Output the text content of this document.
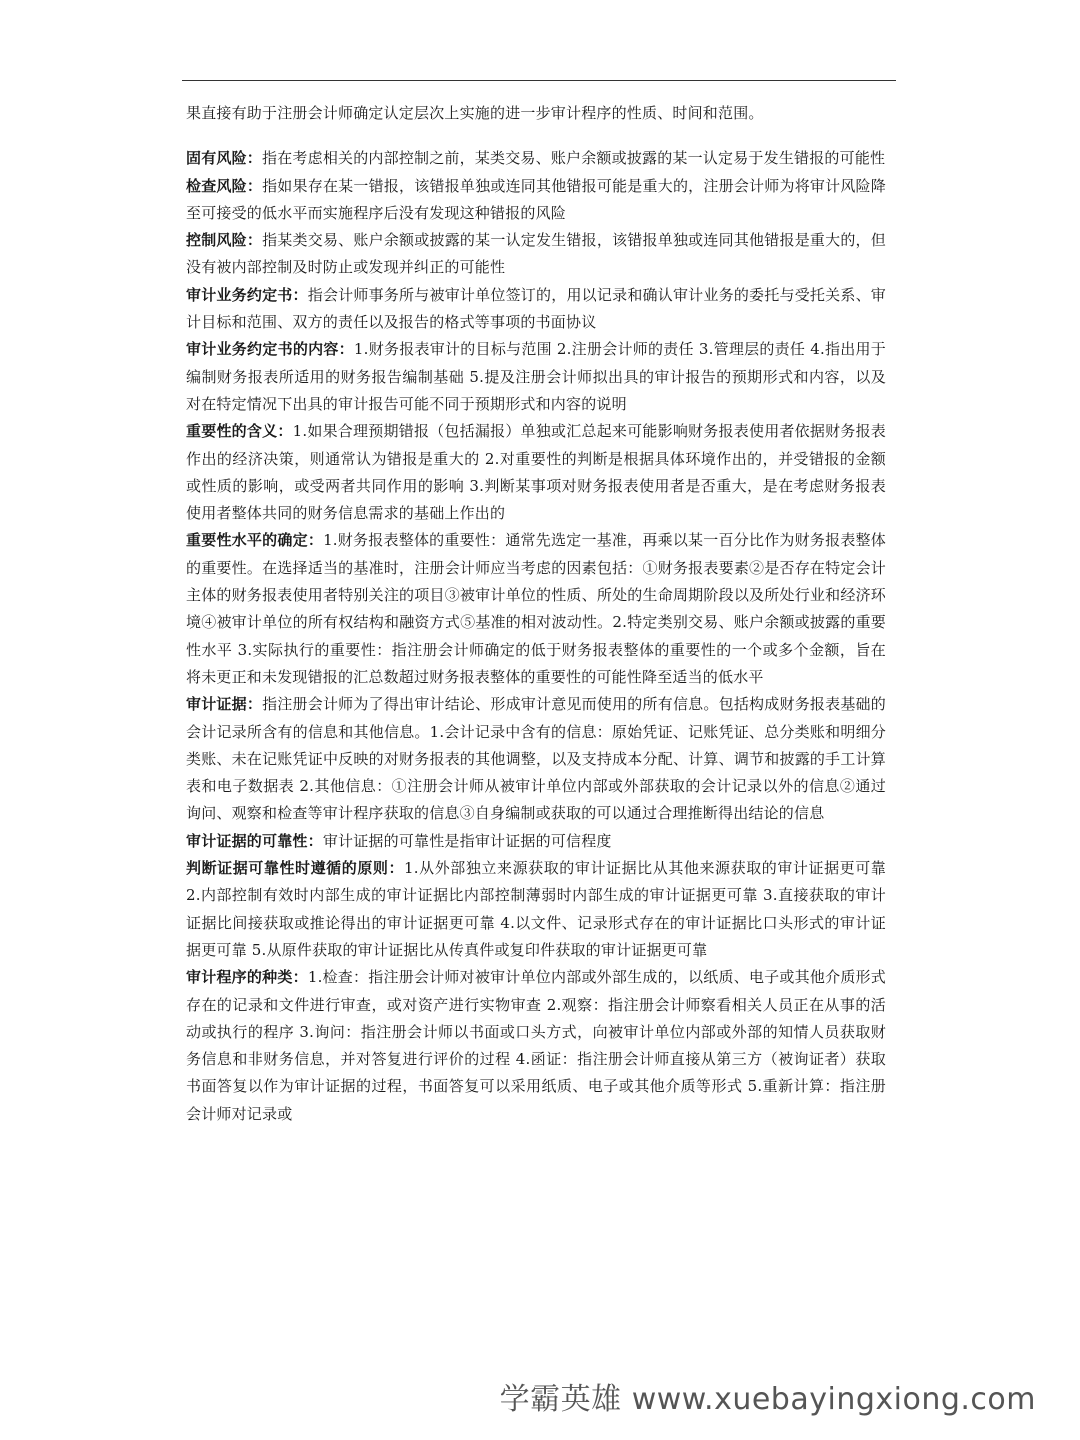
果直接有助于注册会计师确定认定层次上实施的进一步审计程序的性质、时间和范围。

固有风险：指在考虑相关的内部控制之前，某类交易、账户余额或披露的某一认定易于发生错报的可能性

检查风险：指如果存在某一错报，该错报单独或连同其他错报可能是重大的，注册会计师为将审计风险降至可接受的低水平而实施程序后没有发现这种错报的风险

控制风险：指某类交易、账户余额或披露的某一认定发生错报，该错报单独或连同其他错报是重大的，但没有被内部控制及时防止或发现并纠正的可能性

审计业务约定书：指会计师事务所与被审计单位签订的，用以记录和确认审计业务的委托与受托关系、审计目标和范围、双方的责任以及报告的格式等事项的书面协议

审计业务约定书的内容：1.财务报表审计的目标与范围 2.注册会计师的责任 3.管理层的责任 4.指出用于编制财务报表所适用的财务报告编制基础 5.提及注册会计师拟出具的审计报告的预期形式和内容，以及对在特定情况下出具的审计报告可能不同于预期形式和内容的说明

重要性的含义：1.如果合理预期错报（包括漏报）单独或汇总起来可能影响财务报表使用者依据财务报表作出的经济决策，则通常认为错报是重大的 2.对重要性的判断是根据具体环境作出的，并受错报的金额或性质的影响，或受两者共同作用的影响 3.判断某事项对财务报表使用者是否重大，是在考虑财务报表使用者整体共同的财务信息需求的基础上作出的

重要性水平的确定：1.财务报表整体的重要性：通常先选定一基准，再乘以某一百分比作为财务报表整体的重要性。在选择适当的基准时，注册会计师应当考虑的因素包括：①财务报表要素②是否存在特定会计主体的财务报表使用者特别关注的项目③被审计单位的性质、所处的生命周期阶段以及所处行业和经济环境④被审计单位的所有权结构和融资方式⑤基准的相对波动性。2.特定类别交易、账户余额或披露的重要性水平 3.实际执行的重要性：指注册会计师确定的低于财务报表整体的重要性的一个或多个金额，旨在将未更正和未发现错报的汇总数超过财务报表整体的重要性的可能性降至适当的低水平

审计证据：指注册会计师为了得出审计结论、形成审计意见而使用的所有信息。包括构成财务报表基础的会计记录所含有的信息和其他信息。1.会计记录中含有的信息：原始凭证、记账凭证、总分类账和明细分类账、未在记账凭证中反映的对财务报表的其他调整，以及支持成本分配、计算、调节和披露的手工计算表和电子数据表 2.其他信息：①注册会计师从被审计单位内部或外部获取的会计记录以外的信息②通过询问、观察和检查等审计程序获取的信息③自身编制或获取的可以通过合理推断得出结论的信息

审计证据的可靠性：审计证据的可靠性是指审计证据的可信程度

判断证据可靠性时遵循的原则：1.从外部独立来源获取的审计证据比从其他来源获取的审计证据更可靠 2.内部控制有效时内部生成的审计证据比内部控制薄弱时内部生成的审计证据更可靠 3.直接获取的审计证据比间接获取或推论得出的审计证据更可靠 4.以文件、记录形式存在的审计证据比口头形式的审计证据更可靠 5.从原件获取的审计证据比从传真件或复印件获取的审计证据更可靠

审计程序的种类：1.检查：指注册会计师对被审计单位内部或外部生成的，以纸质、电子或其他介质形式存在的记录和文件进行审查，或对资产进行实物审查 2.观察：指注册会计师察看相关人员正在从事的活动或执行的程序 3.询问：指注册会计师以书面或口头方式，向被审计单位内部或外部的知情人员获取财务信息和非财务信息，并对答复进行评价的过程 4.函证：指注册会计师直接从第三方（被询证者）获取书面答复以作为审计证据的过程，书面答复可以采用纸质、电子或其他介质等形式 5.重新计算：指注册会计师对记录或

学霸英雄 www.xuebayingxiong.com
